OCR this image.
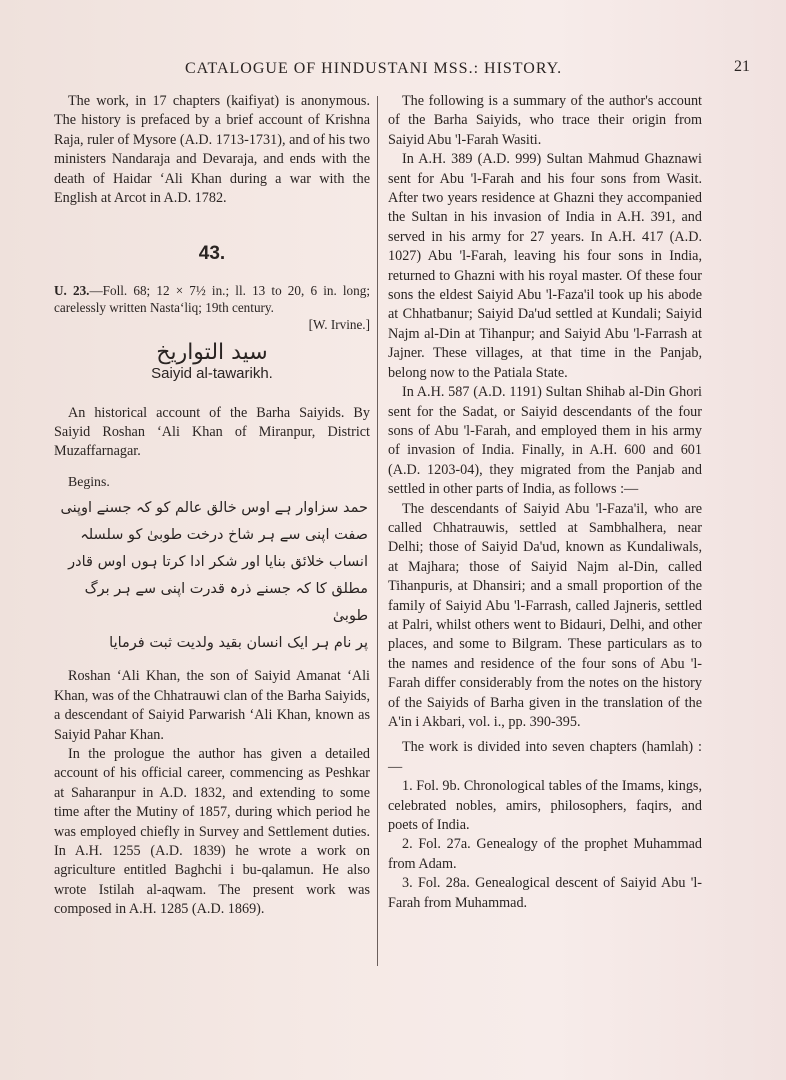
CATALOGUE OF HINDUSTANI MSS.: HISTORY.	21

The work, in 17 chapters (kaifiyat) is anonymous. The history is prefaced by a brief account of Krishna Raja, ruler of Mysore (A.D. 1713-1731), and of his two ministers Nandaraja and Devaraja, and ends with the death of Haidar ‘Ali Khan during a war with the English at Arcot in A.D. 1782.

43.

U. 23.—Foll. 68; 12 × 7½ in.; ll. 13 to 20, 6 in. long; carelessly written Nasta‘liq; 19th century.

[W. Irvine.]
سید التواریخ
Saiyid al-tawarikh.

An historical account of the Barha Saiyids. By Saiyid Roshan ‘Ali Khan of Miranpur, District Muzaffarnagar.

Begins.

حمد سزاوار ہے اوس خالق عالم کو کہ جسنے اوپنی
صفت اپنی سے ہر شاخ درخت طوبیٰ کو سلسلہ
انساب خلائق بنایا اور شکر ادا کرتا ہوں اوس قادر
مطلق کا کہ جسنے ذرہ قدرت اپنی سے ہر برگ طوبیٰ
پر نام ہر ایک انسان بقید ولدیت ثبت فرمایا

Roshan ‘Ali Khan, the son of Saiyid Amanat ‘Ali Khan, was of the Chhatrauwi clan of the Barha Saiyids, a descendant of Saiyid Parwarish ‘Ali Khan, known as Saiyid Pahar Khan.

In the prologue the author has given a detailed account of his official career, commencing as Peshkar at Saharanpur in A.D. 1832, and extending to some time after the Mutiny of 1857, during which period he was employed chiefly in Survey and Settlement duties. In A.H. 1255 (A.D. 1839) he wrote a work on agriculture entitled Baghchi i bu-qalamun. He also wrote Istilah al-aqwam. The present work was composed in A.H. 1285 (A.D. 1869).

The following is a summary of the author's account of the Barha Saiyids, who trace their origin from Saiyid Abu 'l-Farah Wasiti.

In A.H. 389 (A.D. 999) Sultan Mahmud Ghaznawi sent for Abu 'l-Farah and his four sons from Wasit. After two years residence at Ghazni they accompanied the Sultan in his invasion of India in A.H. 391, and served in his army for 27 years. In A.H. 417 (A.D. 1027) Abu 'l-Farah, leaving his four sons in India, returned to Ghazni with his royal master. Of these four sons the eldest Saiyid Abu 'l-Faza'il took up his abode at Chhatbanur; Saiyid Da'ud settled at Kundali; Saiyid Najm al-Din at Tihanpur; and Saiyid Abu 'l-Farrash at Jajner. These villages, at that time in the Panjab, belong now to the Patiala State.

In A.H. 587 (A.D. 1191) Sultan Shihab al-Din Ghori sent for the Sadat, or Saiyid descendants of the four sons of Abu 'l-Farah, and employed them in his army of invasion of India. Finally, in A.H. 600 and 601 (A.D. 1203-04), they migrated from the Panjab and settled in other parts of India, as follows :—

The descendants of Saiyid Abu 'l-Faza'il, who are called Chhatrauwis, settled at Sambhalhera, near Delhi; those of Saiyid Da'ud, known as Kundaliwals, at Majhara; those of Saiyid Najm al-Din, called Tihanpuris, at Dhansiri; and a small proportion of the family of Saiyid Abu 'l-Farrash, called Jajneris, settled at Palri, whilst others went to Bidauri, Delhi, and other places, and some to Bilgram. These particulars as to the names and residence of the four sons of Abu 'l-Farah differ considerably from the notes on the history of the Saiyids of Barha given in the translation of the A'in i Akbari, vol. i., pp. 390-395.

The work is divided into seven chapters (hamlah) :—

1. Fol. 9b. Chronological tables of the Imams, kings, celebrated nobles, amirs, philosophers, faqirs, and poets of India.

2. Fol. 27a. Genealogy of the prophet Muhammad from Adam.

3. Fol. 28a. Genealogical descent of Saiyid Abu 'l-Farah from Muhammad.
